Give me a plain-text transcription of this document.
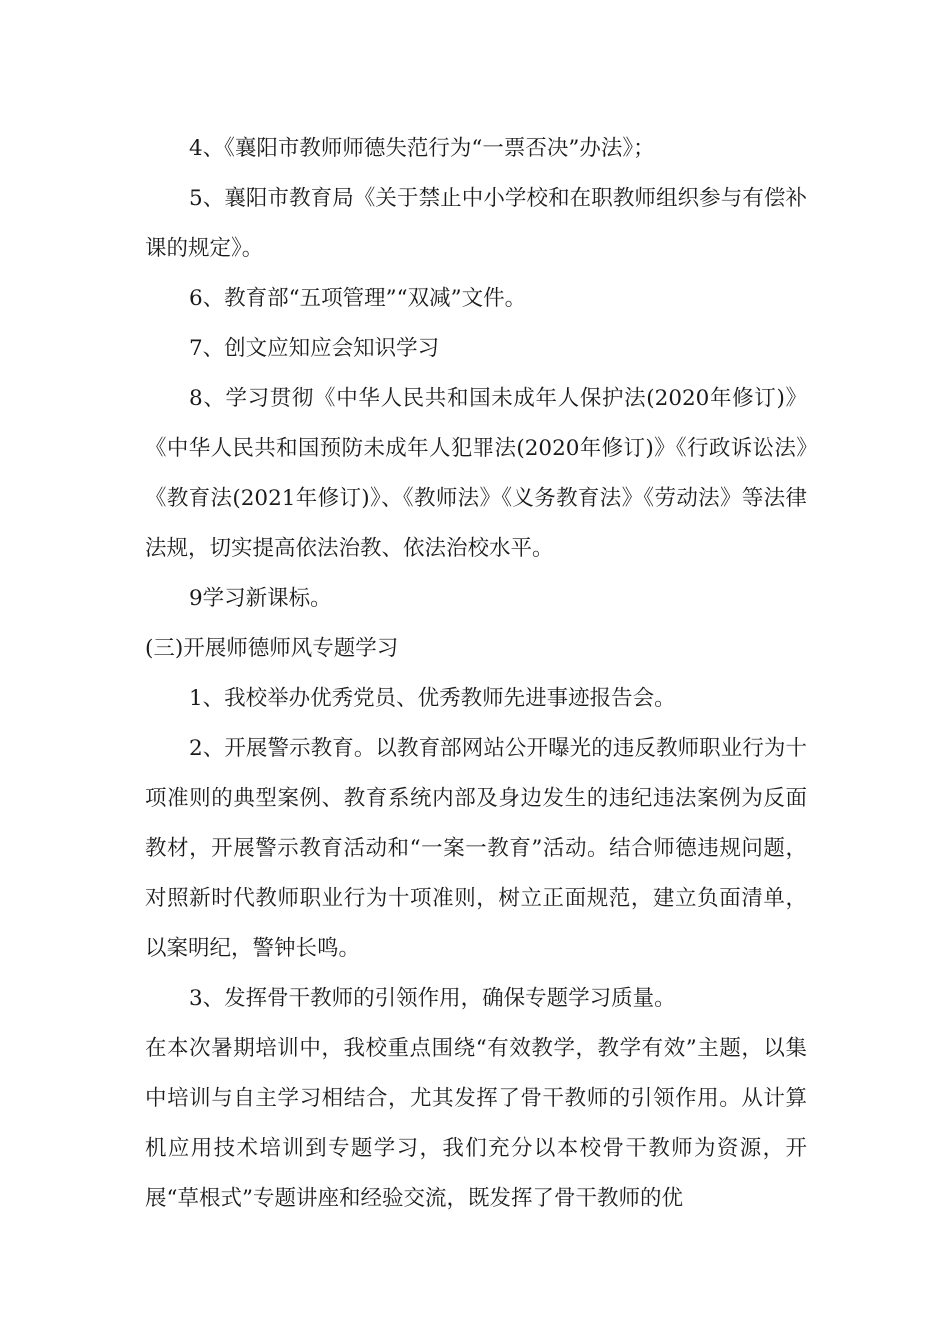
4、《襄阳市教师师德失范行为“一票否决”办法》；

5、襄阳市教育局《关于禁止中小学校和在职教师组织参与有偿补课的规定》。

6、教育部“五项管理”“双减”文件。

7、创文应知应会知识学习

8、学习贯彻《中华人民共和国未成年人保护法(2020年修订)》《中华人民共和国预防未成年人犯罪法(2020年修订)》《行政诉讼法》《教育法(2021年修订)》、《教师法》《义务教育法》《劳动法》等法律法规，切实提高依法治教、依法治校水平。

9学习新课标。

(三)开展师德师风专题学习

1、我校举办优秀党员、优秀教师先进事迹报告会。

2、开展警示教育。以教育部网站公开曝光的违反教师职业行为十项准则的典型案例、教育系统内部及身边发生的违纪违法案例为反面教材，开展警示教育活动和“一案一教育”活动。结合师德违规问题，对照新时代教师职业行为十项准则，树立正面规范，建立负面清单，以案明纪，警钟长鸣。

3、发挥骨干教师的引领作用，确保专题学习质量。

在本次暑期培训中，我校重点围绕“有效教学，教学有效”主题，以集中培训与自主学习相结合，尤其发挥了骨干教师的引领作用。从计算机应用技术培训到专题学习，我们充分以本校骨干教师为资源，开展“草根式”专题讲座和经验交流，既发挥了骨干教师的优
